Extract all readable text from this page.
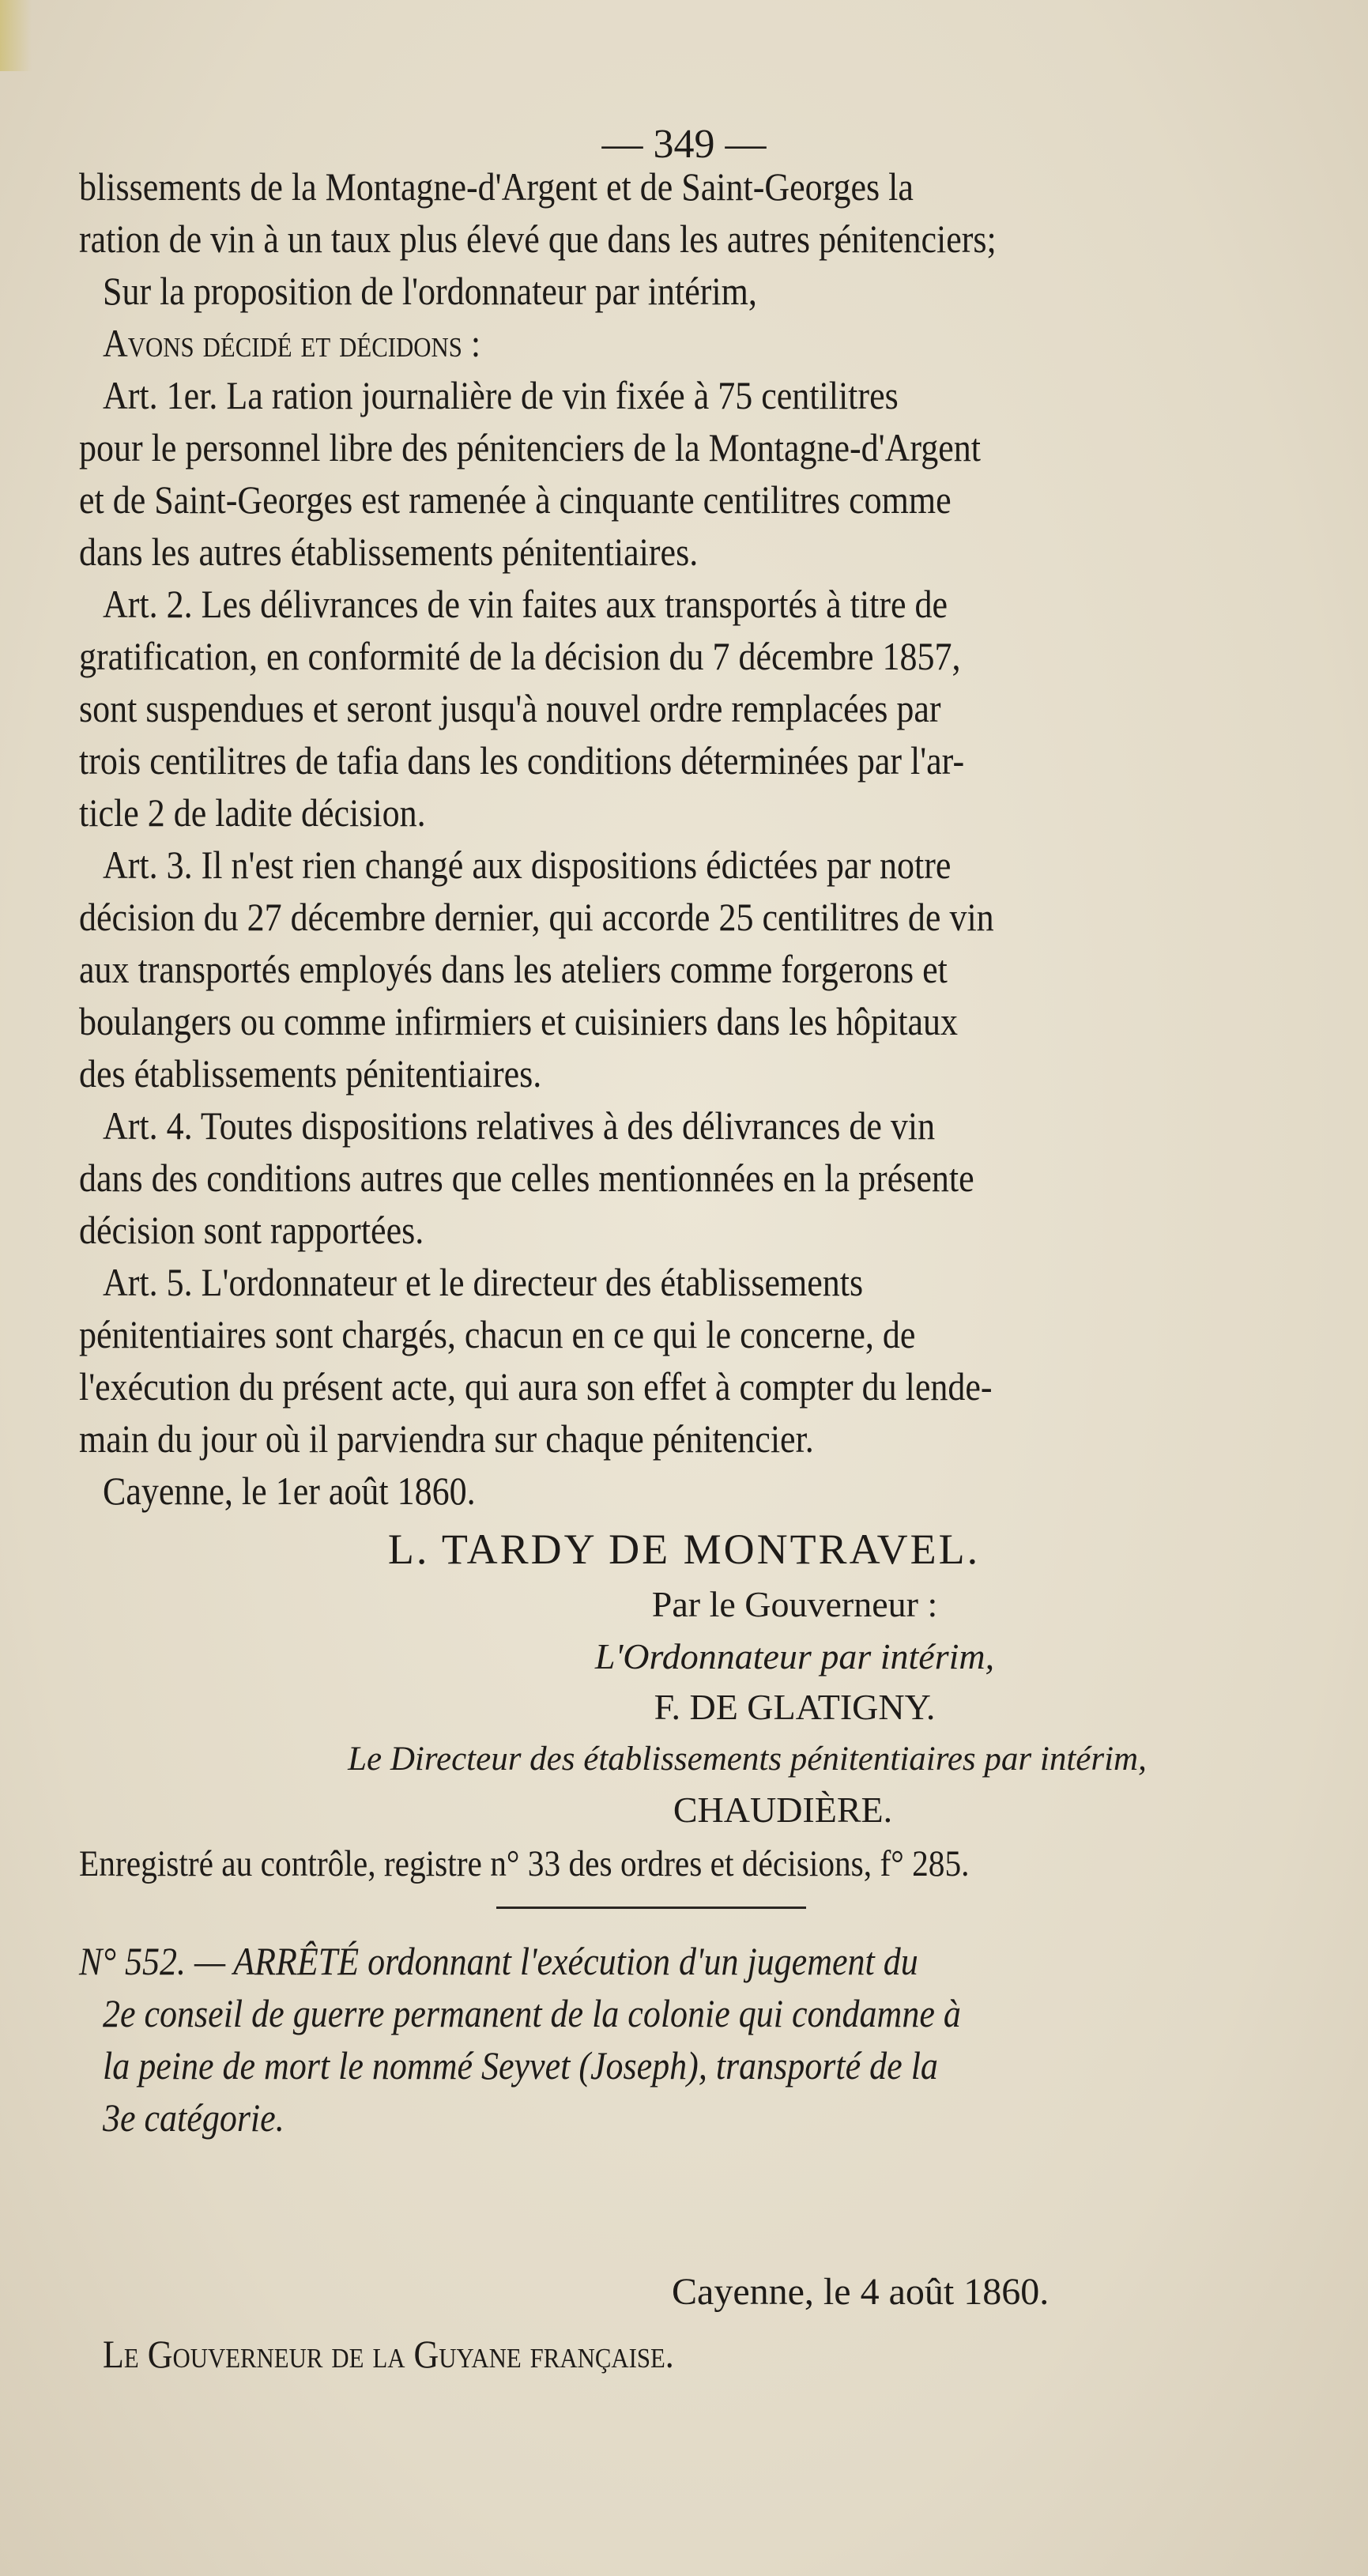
— 349 —

blissements de la Montagne-d'Argent et de Saint-Georges la

ration de vin à un taux plus élevé que dans les autres pénitenciers;

Sur la proposition de l'ordonnateur par intérim,

Avons décidé et décidons :

Art. 1er. La ration journalière de vin fixée à 75 centilitres

pour le personnel libre des pénitenciers de la Montagne-d'Argent

et de Saint-Georges est ramenée à cinquante centilitres comme

dans les autres établissements pénitentiaires.

Art. 2. Les délivrances de vin faites aux transportés à titre de

gratification, en conformité de la décision du 7 décembre 1857,

sont suspendues et seront jusqu'à nouvel ordre remplacées par

trois centilitres de tafia dans les conditions déterminées par l'ar-

ticle 2 de ladite décision.

Art. 3. Il n'est rien changé aux dispositions édictées par notre

décision du 27 décembre dernier, qui accorde 25 centilitres de vin

aux transportés employés dans les ateliers comme forgerons et

boulangers ou comme infirmiers et cuisiniers dans les hôpitaux

des établissements pénitentiaires.

Art. 4. Toutes dispositions relatives à des délivrances de vin

dans des conditions autres que celles mentionnées en la présente

décision sont rapportées.

Art. 5. L'ordonnateur et le directeur des établissements

pénitentiaires sont chargés, chacun en ce qui le concerne, de

l'exécution du présent acte, qui aura son effet à compter du lende-

main du jour où il parviendra sur chaque pénitencier.

Cayenne, le 1er août 1860.

L. TARDY DE MONTRAVEL.
Par le Gouverneur :
L'Ordonnateur par intérim,
F. DE GLATIGNY.
Le Directeur des établissements pénitentiaires par intérim,
CHAUDIÈRE.

Enregistré au contrôle, registre n° 33 des ordres et décisions, f° 285.

N° 552. — ARRÊTÉ ordonnant l'exécution d'un jugement du

2e conseil de guerre permanent de la colonie qui condamne à

la peine de mort le nommé Seyvet (Joseph), transporté de la

3e catégorie.

Cayenne, le 4 août 1860.

Le Gouverneur de la Guyane française.
